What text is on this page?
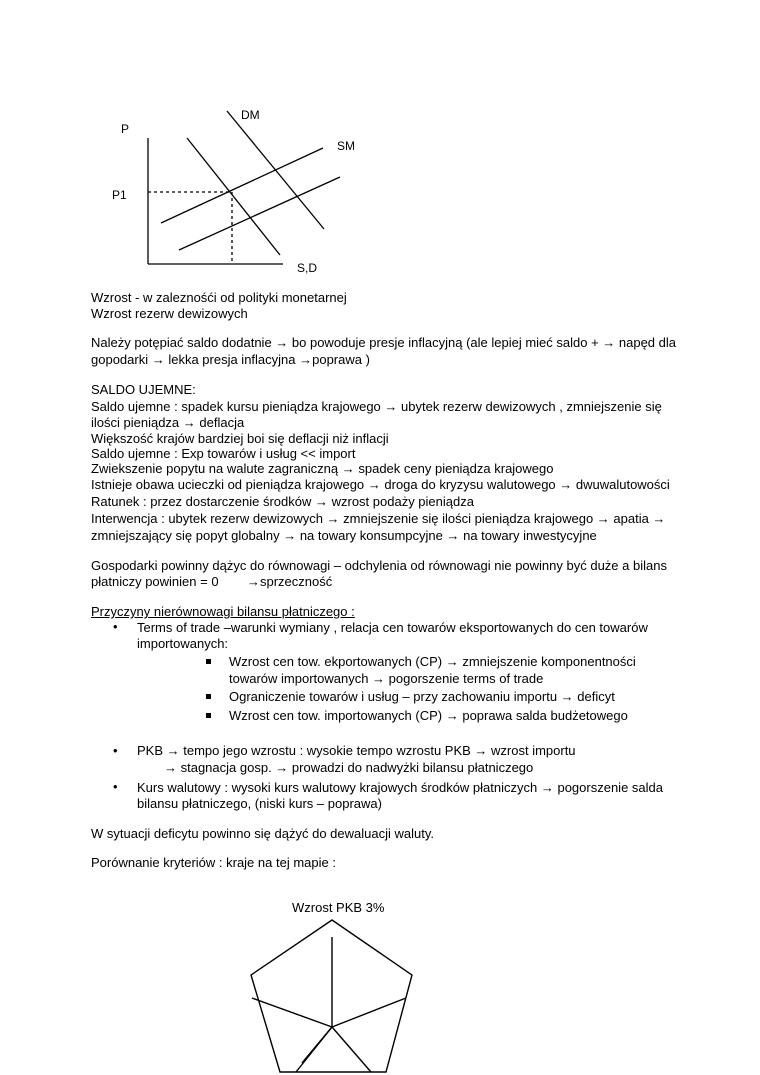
P
P1
DM
SM
S,D
Wzrost - w zaleznośći od polityki monetarnej
Wzrost rezerw dewizowych
Należy potępiać saldo dodatnie → bo powoduje presje inflacyjną (ale lepiej mieć saldo + → napęd dla
gopodarki → lekka presja inflacyjna →poprawa )
SALDO UJEMNE:
Saldo ujemne : spadek kursu pieniądza krajowego → ubytek rezerw dewizowych , zmniejszenie się
ilości pieniądza → deflacja
Większość krajów bardziej boi się deflacji niż inflacji
Saldo ujemne : Exp towarów i usług << import
Zwiekszenie popytu na walute zagraniczną → spadek ceny pieniądza krajowego
Istnieje obawa ucieczki od pieniądza krajowego → droga do kryzysu walutowego → dwuwalutowości
Ratunek : przez dostarczenie środków → wzrost podaży pieniądza
Interwencja : ubytek rezerw dewizowych → zmniejszenie się ilości pieniądza krajowego → apatia →
zmniejszający się popyt globalny → na towary konsumpcyjne → na towary inwestycyjne
Gospodarki powinny dążyc do równowagi – odchylenia od równowagi nie powinny być duże a bilans
płatniczy powinien = 0 →sprzeczność
Przyczyny nierównowagi bilansu płatniczego :
• Terms of trade –warunki wymiany , relacja cen towarów eksportowanych do cen towarów
importowanych:
Wzrost cen tow. ekportowanych (CP) → zmniejszenie komponentności
towarów importowanych → pogorszenie terms of trade
Ograniczenie towarów i usług – przy zachowaniu importu → deficyt
Wzrost cen tow. importowanych (CP) → poprawa salda budżetowego
• PKB → tempo jego wzrostu : wysokie tempo wzrostu PKB → wzrost importu
→ stagnacja gosp. → prowadzi do nadwyżki bilansu płatniczego
• Kurs walutowy : wysoki kurs walutowy krajowych środków płatniczych → pogorszenie salda
bilansu płatniczego, (niski kurs – poprawa)
W sytuacji deficytu powinno się dążyć do dewaluacji waluty.
Porównanie kryteriów : kraje na tej mapie :
Wzrost PKB 3%
